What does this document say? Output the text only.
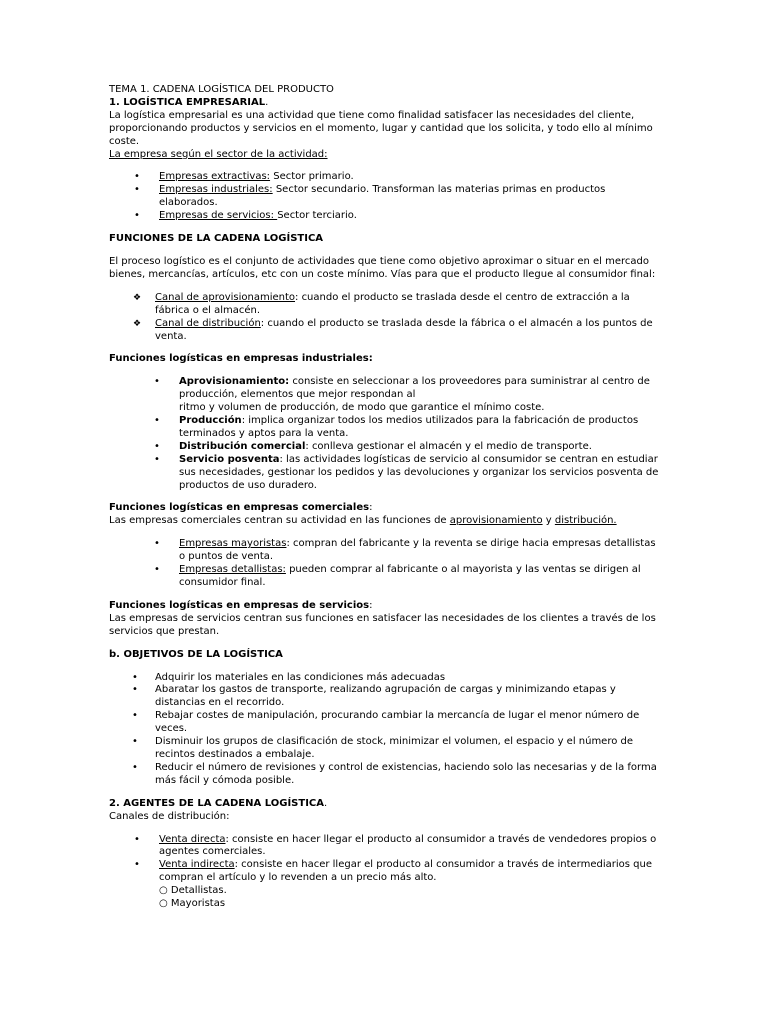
TEMA 1. CADENA LOGÍSTICA DEL PRODUCTO

1. LOGÍSTICA EMPRESARIAL.

La logística empresarial es una actividad que tiene como finalidad satisfacer las necesidades del cliente, proporcionando productos y servicios en el momento, lugar y cantidad que los solicita, y todo ello al mínimo coste.

La empresa según el sector de la actividad:

• Empresas extractivas: Sector primario.
• Empresas industriales: Sector secundario. Transforman las materias primas en productos elaborados.
• Empresas de servicios: Sector terciario.

FUNCIONES DE LA CADENA LOGÍSTICA

El proceso logístico es el conjunto de actividades que tiene como objetivo aproximar o situar en el mercado bienes, mercancías, artículos, etc con un coste mínimo. Vías para que el producto llegue al consumidor final:

❖ Canal de aprovisionamiento: cuando el producto se traslada desde el centro de extracción a la fábrica o el almacén.
❖ Canal de distribución: cuando el producto se traslada desde la fábrica o el almacén a los puntos de venta.

Funciones logísticas en empresas industriales:

• Aprovisionamiento: consiste en seleccionar a los proveedores para suministrar al centro de producción, elementos que mejor respondan al
ritmo y volumen de producción, de modo que garantice el mínimo coste.
• Producción: implica organizar todos los medios utilizados para la fabricación de productos terminados y aptos para la venta.
• Distribución comercial: conlleva gestionar el almacén y el medio de transporte.
• Servicio posventa: las actividades logísticas de servicio al consumidor se centran en estudiar sus necesidades, gestionar los pedidos y las devoluciones y organizar los servicios posventa de productos de uso duradero.

Funciones logísticas en empresas comerciales:

Las empresas comerciales centran su actividad en las funciones de aprovisionamiento y distribución.

• Empresas mayoristas: compran del fabricante y la reventa se dirige hacia empresas detallistas o puntos de venta.
• Empresas detallistas: pueden comprar al fabricante o al mayorista y las ventas se dirigen al consumidor final.

Funciones logísticas en empresas de servicios:

Las empresas de servicios centran sus funciones en satisfacer las necesidades de los clientes a través de los servicios que prestan.

b. OBJETIVOS DE LA LOGÍSTICA

• Adquirir los materiales en las condiciones más adecuadas
• Abaratar los gastos de transporte, realizando agrupación de cargas y minimizando etapas y distancias en el recorrido.
• Rebajar costes de manipulación, procurando cambiar la mercancía de lugar el menor número de veces.
• Disminuir los grupos de clasificación de stock, minimizar el volumen, el espacio y el número de recintos destinados a embalaje.
• Reducir el número de revisiones y control de existencias, haciendo solo las necesarias y de la forma más fácil y cómoda posible.

2. AGENTES DE LA CADENA LOGÍSTICA.

Canales de distribución:

• Venta directa: consiste en hacer llegar el producto al consumidor a través de vendedores propios o agentes comerciales.
• Venta indirecta: consiste en hacer llegar el producto al consumidor a través de intermediarios que compran el artículo y lo revenden a un precio más alto.

○ Detallistas.

○ Mayoristas
